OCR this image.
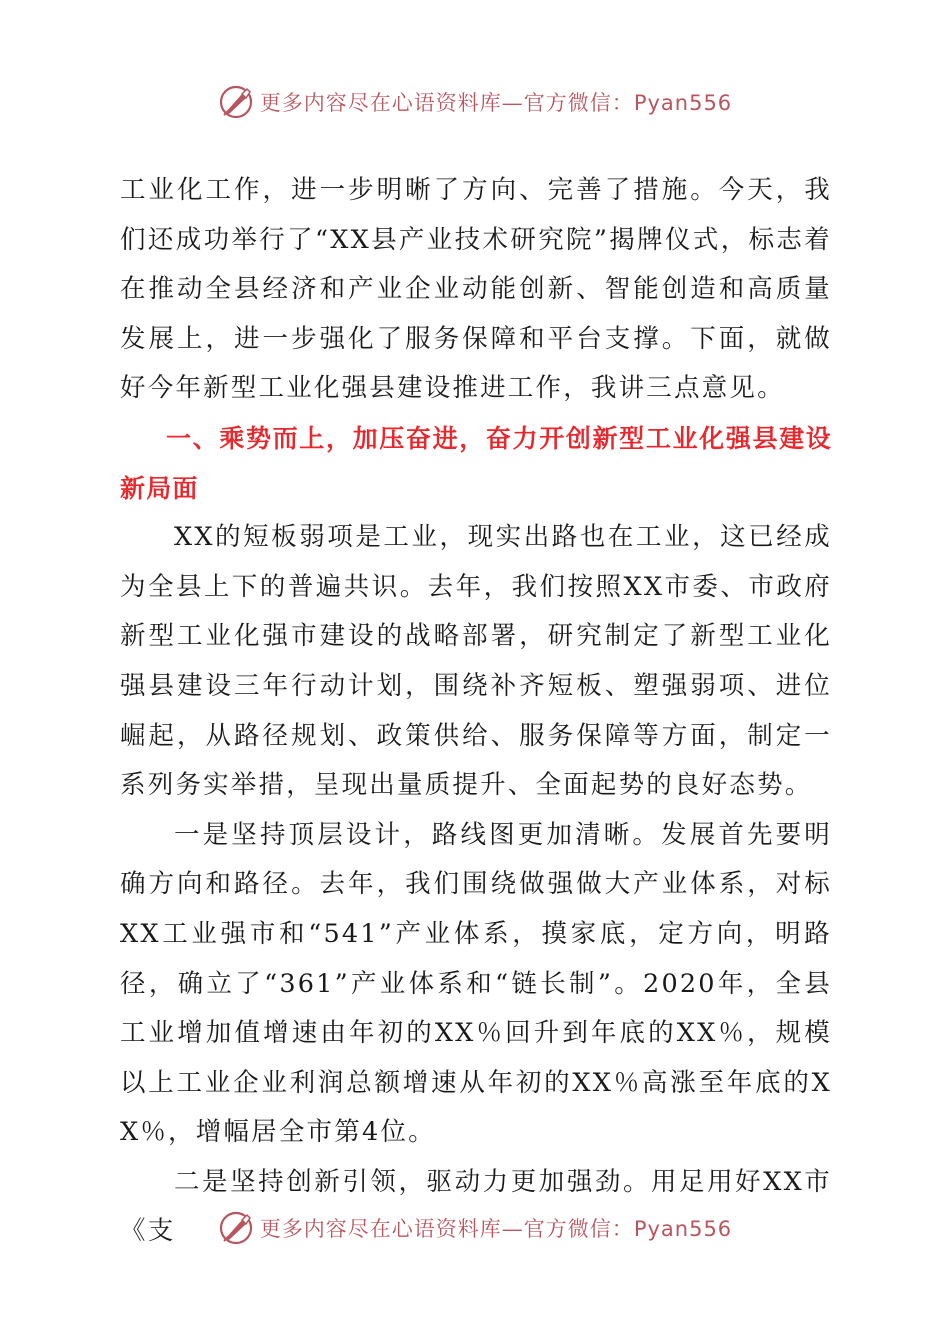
更多内容尽在心语资料库—官方微信：Pyan556

工业化工作，进一步明晰了方向、完善了措施。今天，我们还成功举行了“XX县产业技术研究院”揭牌仪式，标志着在推动全县经济和产业企业动能创新、智能创造和高质量发展上，进一步强化了服务保障和平台支撑。下面，就做好今年新型工业化强县建设推进工作，我讲三点意见。

一、乘势而上，加压奋进，奋力开创新型工业化强县建设新局面

XX的短板弱项是工业，现实出路也在工业，这已经成为全县上下的普遍共识。去年，我们按照XX市委、市政府新型工业化强市建设的战略部署，研究制定了新型工业化强县建设三年行动计划，围绕补齐短板、塑强弱项、进位崛起，从路径规划、政策供给、服务保障等方面，制定一系列务实举措，呈现出量质提升、全面起势的良好态势。

一是坚持顶层设计，路线图更加清晰。发展首先要明确方向和路径。去年，我们围绕做强做大产业体系，对标XX工业强市和“541”产业体系，摸家底，定方向，明路径，确立了“361”产业体系和“链长制”。2020年，全县工业增加值增速由年初的XX％回升到年底的XX％，规模以上工业企业利润总额增速从年初的XX％高涨至年底的XX％，增幅居全市第4位。

二是坚持创新引领，驱动力更加强劲。用足用好XX市《支	更多内容尽在心语资料库—官方微信：Pyan556
